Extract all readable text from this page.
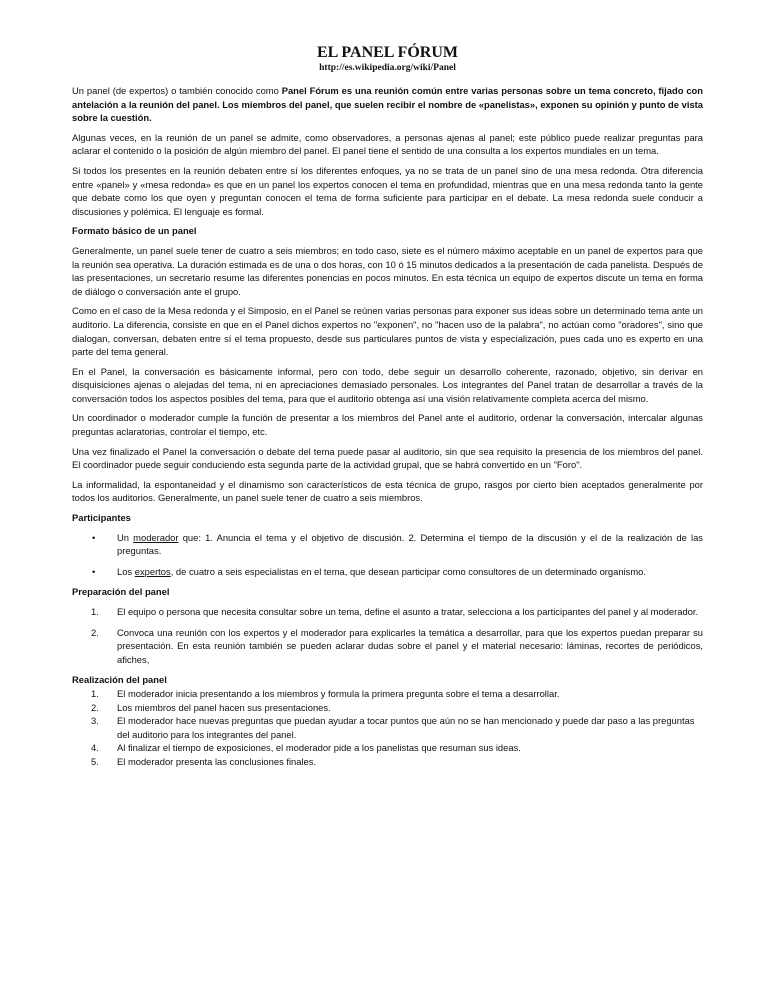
EL PANEL FÓRUM
http://es.wikipedia.org/wiki/Panel

Un panel (de expertos) o también conocido como Panel Fórum es una reunión común entre varias personas sobre un tema concreto, fijado con antelación a la reunión del panel. Los miembros del panel, que suelen recibir el nombre de «panelistas», exponen su opinión y punto de vista sobre la cuestión.

Algunas veces, en la reunión de un panel se admite, como observadores, a personas ajenas al panel; este público puede realizar preguntas para aclarar el contenido o la posición de algún miembro del panel. El panel tiene el sentido de una consulta a los expertos mundiales en un tema.

Si todos los presentes en la reunión debaten entre sí los diferentes enfoques, ya no se trata de un panel sino de una mesa redonda. Otra diferencia entre «panel» y «mesa redonda» es que en un panel los expertos conocen el tema en profundidad, mientras que en una mesa redonda tanto la gente que debate como los que oyen y preguntan conocen el tema de forma suficiente para participar en el debate. La mesa redonda suele conducir a discusiones y polémica. El lenguaje es formal.

Formato básico de un panel

Generalmente, un panel suele tener de cuatro a seis miembros; en todo caso, siete es el número máximo aceptable en un panel de expertos para que la reunión sea operativa. La duración estimada es de una o dos horas, con 10 ó 15 minutos dedicados a la presentación de cada panelista. Después de las presentaciones, un secretario resume las diferentes ponencias en pocos minutos. En esta técnica un equipo de expertos discute un tema en forma de diálogo o conversación ante el grupo.

Como en el caso de la Mesa redonda y el Simposio, en el Panel se reúnen varias personas para exponer sus ideas sobre un determinado tema ante un auditorio. La diferencia, consiste en que en el Panel dichos expertos no "exponen", no "hacen uso de la palabra", no actúan como "oradores", sino que dialogan, conversan, debaten entre sí el tema propuesto, desde sus particulares puntos de vista y especialización, pues cada uno es experto en una parte del tema general.

En el Panel, la conversación es básicamente informal, pero con todo, debe seguir un desarrollo coherente, razonado, objetivo, sin derivar en disquisiciones ajenas o alejadas del tema, ni en apreciaciones demasiado personales. Los integrantes del Panel tratan de desarrollar a través de la conversación todos los aspectos posibles del tema, para que el auditorio obtenga así una visión relativamente completa acerca del mismo.

Un coordinador o moderador cumple la función de presentar a los miembros del Panel ante el auditorio, ordenar la conversación, intercalar algunas preguntas aclaratorias, controlar el tiempo, etc.

Una vez finalizado el Panel la conversación o debate del tema puede pasar al auditorio, sin que sea requisito la presencia de los miembros del panel. El coordinador puede seguir conduciendo esta segunda parte de la actividad grupal, que se habrá convertido en un "Foro".

La informalidad, la espontaneidad y el dinamismo son característicos de esta técnica de grupo, rasgos por cierto bien aceptados generalmente por todos los auditorios. Generalmente, un panel suele tener de cuatro a seis miembros.

Participantes
• Un moderador que: 1. Anuncia el tema y el objetivo de discusión. 2. Determina el tiempo de la discusión y el de la realización de las preguntas.
• Los expertos, de cuatro a seis especialistas en el tema, que desean participar como consultores de un determinado organismo.
Preparación del panel
1. El equipo o persona que necesita consultar sobre un tema, define el asunto a tratar, selecciona a los participantes del panel y al moderador.
2. Convoca una reunión con los expertos y el moderador para explicarles la temática a desarrollar, para que los expertos puedan preparar su presentación. En esta reunión también se pueden aclarar dudas sobre el panel y el material necesario: láminas, recortes de periódicos, afiches,
Realización del panel
1. El moderador inicia presentando a los miembros y formula la primera pregunta sobre el tema a desarrollar.
2. Los miembros del panel hacen sus presentaciones.
3. El moderador hace nuevas preguntas que puedan ayudar a tocar puntos que aún no se han mencionado y puede dar paso a las preguntas del auditorio para los integrantes del panel.
4. Al finalizar el tiempo de exposiciones, el moderador pide a los panelistas que resuman sus ideas.
5. El moderador presenta las conclusiones finales.
